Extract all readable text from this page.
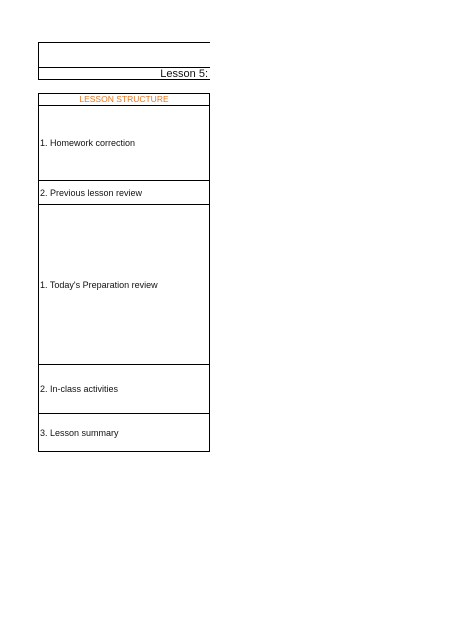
Lesson 5:
LESSON STRUCTURE
1. Homework correction
2. Previous lesson review
1. Today's Preparation review
2. In-class activities
3. Lesson summary
